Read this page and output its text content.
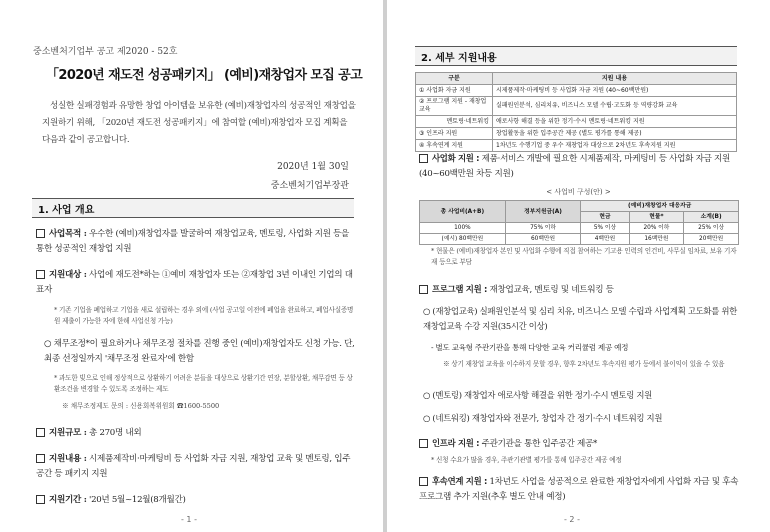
중소벤처기업부 공고 제2020 - 52호
「2020년 재도전 성공패키지」 (예비)재창업자 모집 공고
성실한 실패경험과 유망한 창업 아이템을 보유한 (예비)재창업자의 성공적인 재창업을 지원하기 위해, 「2020년 재도전 성공패키지」에 참여할 (예비)재창업자 모집 계획을 다음과 같이 공고합니다.
2020년 1월 30일
중소벤처기업부장관
1. 사업 개요
사업목적 : 우수한 (예비)재창업자를 발굴하여 재창업교육, 멘토링, 사업화 지원 등을 통한 성공적인 재창업 지원
지원대상 : 사업에 재도전*하는 ①예비 재창업자 또는 ②재창업 3년 이내인 기업의 대표자
* 기존 기업을 폐업하고 기업을 새로 설립하는 경우 외에 (사업 공고일 이전에 폐업을 완료하고, 폐업사실증명원 제출이 가능한 자에 한해 사업신청 가능)
○ 채무조정*이 필요하거나 채무조정 절차를 진행 중인 (예비)재창업자도 신청 가능. 단, 최종 선정일까지 '채무조정 완료자'에 한함
* 과도한 빚으로 인해 정상적으로 상환하기 어려운 분들을 대상으로 상환기간 연장, 분할상환, 채무감면 등 상환조건을 변경할 수 있도록 조정하는 제도
※ 채무조정제도 문의 : 신용회복위원회 ☎1600-5500
지원규모 : 총 270명 내외
지원내용 : 시제품제작비·마케팅비 등 사업화 자금 지원, 재창업 교육 및 멘토링, 입주공간 등 패키지 지원
지원기간 : '20년 5월~12월(8개월간)
- 1 -
2. 세부 지원내용
구분	지원 내용
① 사업화 자금 지원	시제품제작·마케팅비 등 사업화 자금 지원 (40~60백만원)
② 프로그램 지원 - 재창업 교육	실패원인분석, 심리치유, 비즈니스 모델 수립·고도화 등 역량강화 교육
멘토링·네트워킹	애로사항 해결 등을 위한 정기·수시 멘토링·네트워킹 지원
③ 인프라 지원	창업활동을 위한 입주공간 제공 (별도 평가를 통해 제공)
④ 후속연계 지원	1차년도 수행기업 중 우수 재창업자 대상으로 2차년도 후속지원 지원
사업화 지원 : 제품·서비스 개발에 필요한 시제품제작, 마케팅비 등 사업화 자금 지원(40~60백만원 차등 지원)
< 사업비 구성(안) >
총 사업비(A+B)	정부지원금(A)	(예비)재창업자 대응자금		
		현금	현물*	소계(B)
100%	75% 이하	5% 이상	20% 이하	25% 이상
(예시) 80백만원	60백만원	4백만원	16백만원	20백만원
* 현물은 (예비)재창업자 본인 및 사업화 수행에 직접 참여하는 기고용 인력의 인건비, 사무실 임차료, 보유 기자재 등으로 부담
프로그램 지원 : 재창업교육, 멘토링 및 네트워킹 등
○ (재창업교육) 실패원인분석 및 심리 치유, 비즈니스 모델 수립과 사업계획 고도화를 위한 재창업교육 수강 지원(35시간 이상)
- 별도 교육형 주관기관을 통해 다양한 교육 커리큘럼 제공 예정
※ 상기 재창업 교육을 이수하지 못할 경우, 향후 2차년도 후속지원 평가 등에서 불이익이 있을 수 있음
○ (멘토링) 재창업자 애로사항 해결을 위한 정기·수시 멘토링 지원
○ (네트워킹) 재창업자와 전문가, 창업자 간 정기·수시 네트워킹 지원
인프라 지원 : 주관기관을 통한 입주공간 제공*
* 신청 수요가 많을 경우, 주관기관별 평가를 통해 입주공간 제공 예정
후속연계 지원 : 1차년도 사업을 성공적으로 완료한 재창업자에게 사업화 자금 및 후속 프로그램 추가 지원(추후 별도 안내 예정)
- 2 -
